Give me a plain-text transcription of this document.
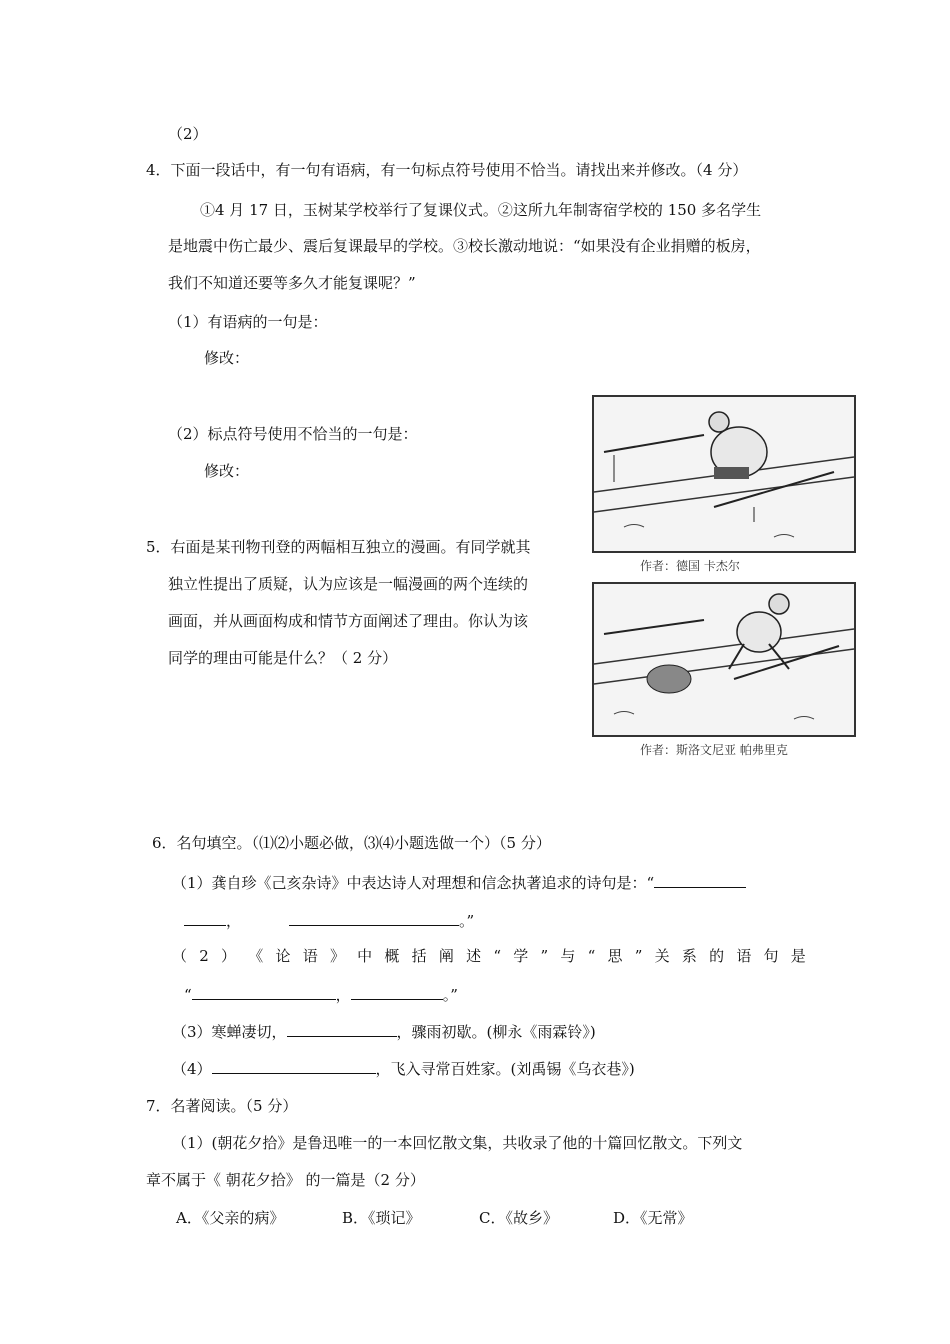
（2）
4．下面一段话中，有一句有语病，有一句标点符号使用不恰当。请找出来并修改。（4 分）
①4 月 17 日，玉树某学校举行了复课仪式。②这所九年制寄宿学校的 150 多名学生
是地震中伤亡最少、震后复课最早的学校。③校长激动地说：“如果没有企业捐赠的板房，
我们不知道还要等多久才能复课呢？”
（1）有语病的一句是：
修改：
（2）标点符号使用不恰当的一句是：
修改：
5．右面是某刊物刊登的两幅相互独立的漫画。有同学就其
独立性提出了质疑，认为应该是一幅漫画的两个连续的
画面，并从画面构成和情节方面阐述了理由。你认为该
同学的理由可能是什么？（ 2 分）
作者：德国 卡杰尔
作者：斯洛文尼亚 帕弗里克
6．名句填空。（⑴⑵小题必做，⑶⑷小题选做一个）（5 分）
（1）龚自珍《己亥杂诗》中表达诗人对理想和信念执著追求的诗句是：“
，	。”
（ 2 ） 《 论 语 》 中 概 括 阐 述 “ 学 ” 与 “ 思 ” 关 系 的 语 句 是
“	，	。”
（3）寒蝉凄切，	，骤雨初歇。(柳永《雨霖铃》)
（4）	，飞入寻常百姓家。(刘禹锡《乌衣巷》)
7．名著阅读。（5 分）
（1）(朝花夕拾》是鲁迅唯一的一本回忆散文集，共收录了他的十篇回忆散文。下列文
章不属于《 朝花夕拾》 的一篇是（2 分）
A．《父亲的病》	B．《琐记》	C．《故乡》	D．《无常》
